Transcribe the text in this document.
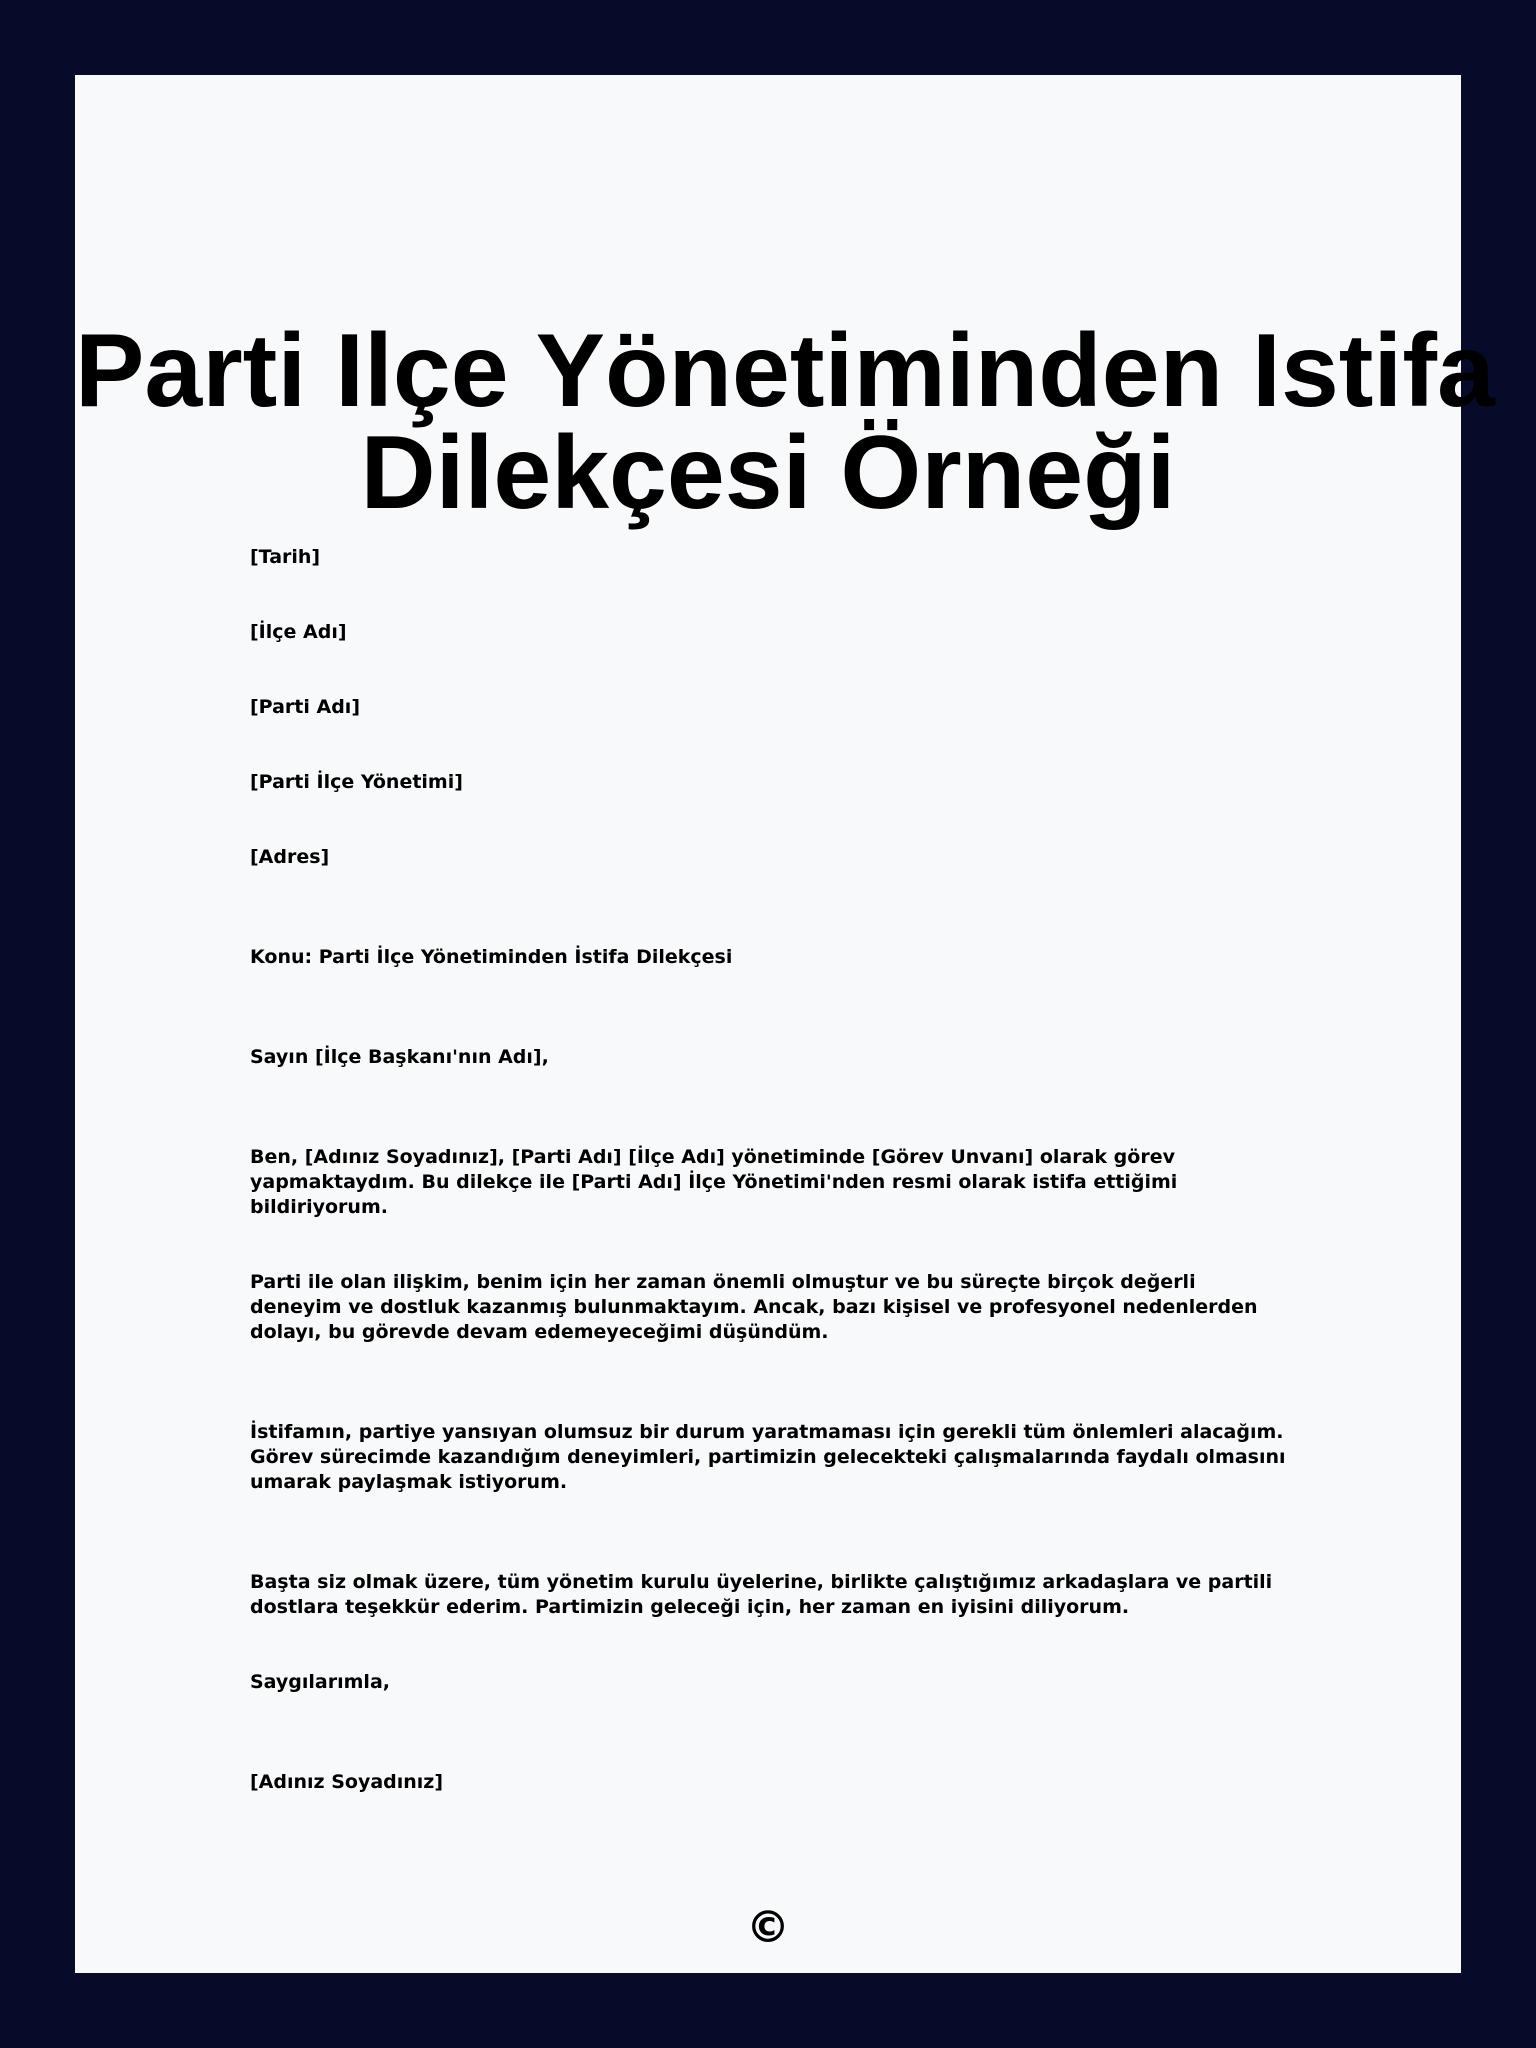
Parti Ilçe Yönetiminden Istifa
Dilekçesi Örneği

[Tarih]

[İlçe Adı]

[Parti Adı]

[Parti İlçe Yönetimi]

[Adres]

Konu: Parti İlçe Yönetiminden İstifa Dilekçesi

Sayın [İlçe Başkanı'nın Adı],

Ben, [Adınız Soyadınız], [Parti Adı] [İlçe Adı] yönetiminde [Görev Unvanı] olarak görev yapmaktaydım. Bu dilekçe ile [Parti Adı] İlçe Yönetimi'nden resmi olarak istifa ettiğimi bildiriyorum.

Parti ile olan ilişkim, benim için her zaman önemli olmuştur ve bu süreçte birçok değerli deneyim ve dostluk kazanmış bulunmaktayım. Ancak, bazı kişisel ve profesyonel nedenlerden dolayı, bu görevde devam edemeyeceğimi düşündüm.

İstifamın, partiye yansıyan olumsuz bir durum yaratmaması için gerekli tüm önlemleri alacağım. Görev sürecimde kazandığım deneyimleri, partimizin gelecekteki çalışmalarında faydalı olmasını umarak paylaşmak istiyorum.

Başta siz olmak üzere, tüm yönetim kurulu üyelerine, birlikte çalıştığımız arkadaşlara ve partili dostlara teşekkür ederim. Partimizin geleceği için, her zaman en iyisini diliyorum.

Saygılarımla,

[Adınız Soyadınız]

©
